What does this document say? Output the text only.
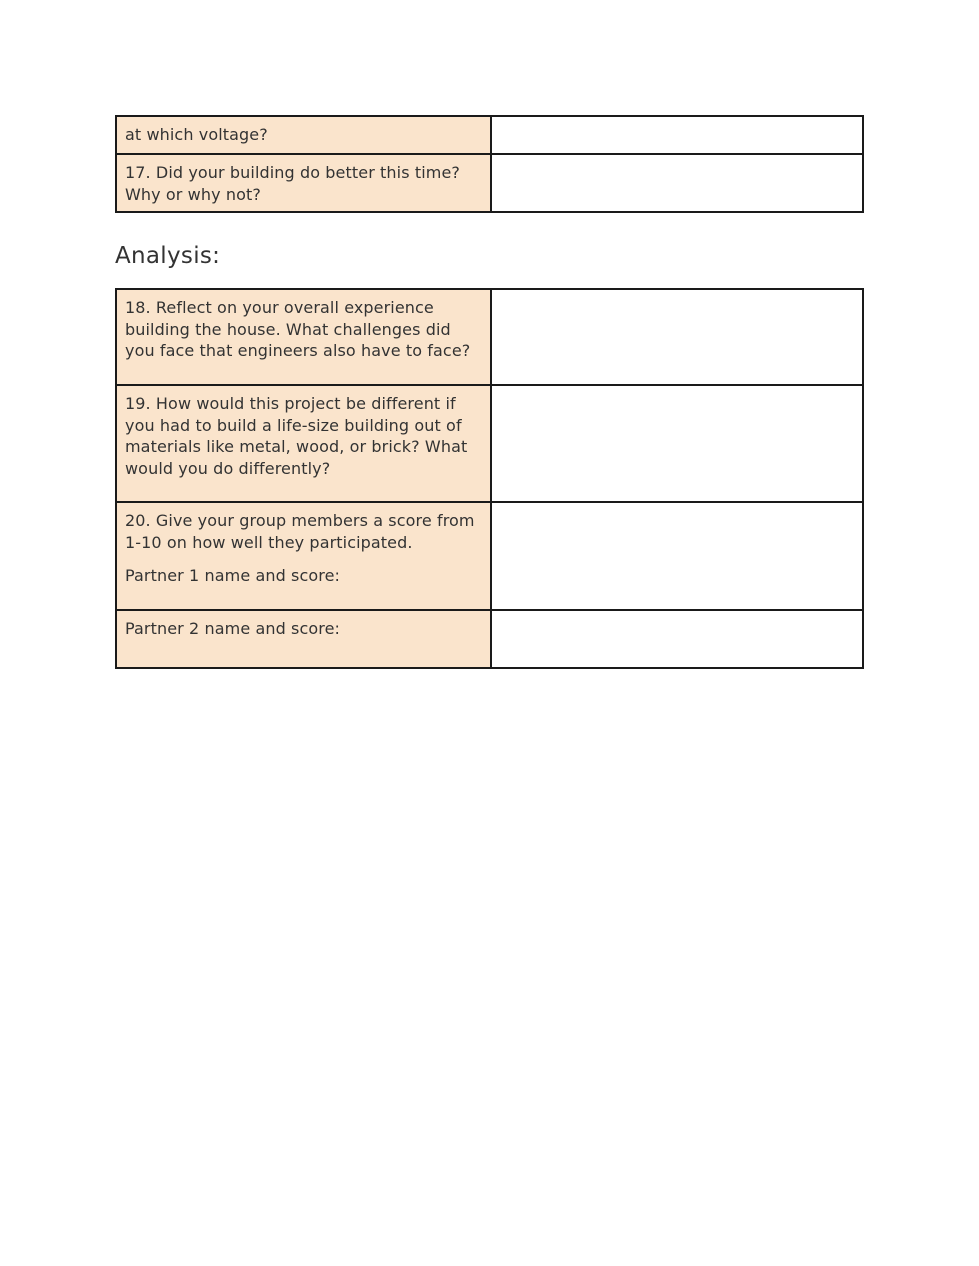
at which voltage?	
17. Did your building do better this time? Why or why not?	
Analysis:
18. Reflect on your overall experience building the house. What challenges did you face that engineers also have to face?	
19. How would this project be different if you had to build a life-size building out of materials like metal, wood, or brick? What would you do differently?	

20. Give your group members a score from 1-10 on how well they participated.

Partner 1 name and score:	

Partner 2 name and score:	
